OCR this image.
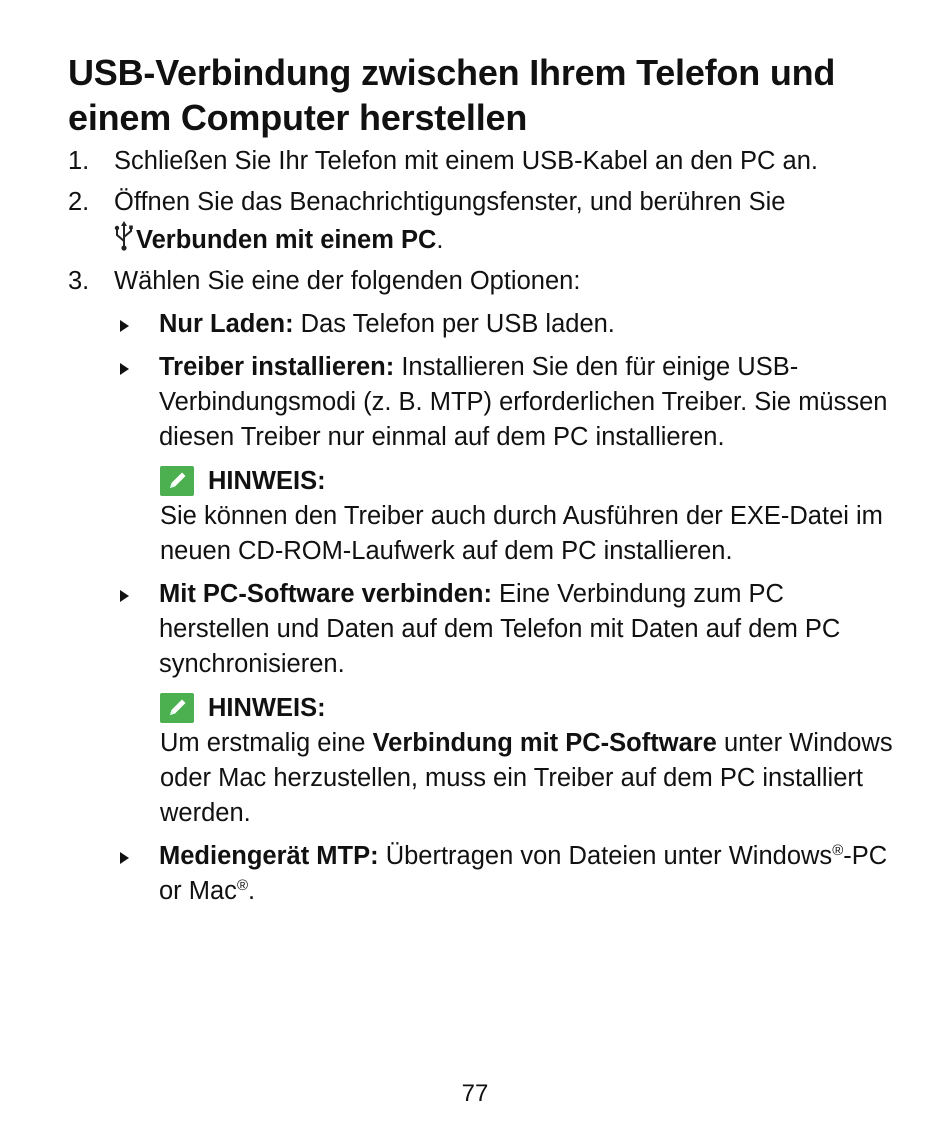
USB-Verbindung zwischen Ihrem Telefon und einem Computer herstellen
1. Schließen Sie Ihr Telefon mit einem USB-Kabel an den PC an.
2. Öffnen Sie das Benachrichtigungsfenster, und berühren Sie
Verbunden mit einem PC.
3. Wählen Sie eine der folgenden Optionen:
Nur Laden: Das Telefon per USB laden.
Treiber installieren: Installieren Sie den für einige USB-Verbindungsmodi (z. B. MTP) erforderlichen Treiber. Sie müssen diesen Treiber nur einmal auf dem PC installieren.
HINWEIS:
Sie können den Treiber auch durch Ausführen der EXE-Datei im neuen CD-ROM-Laufwerk auf dem PC installieren.
Mit PC-Software verbinden: Eine Verbindung zum PC herstellen und Daten auf dem Telefon mit Daten auf dem PC synchronisieren.
HINWEIS:
Um erstmalig eine Verbindung mit PC-Software unter Windows oder Mac herzustellen, muss ein Treiber auf dem PC installiert werden.
Mediengerät MTP: Übertragen von Dateien unter Windows®-PC or Mac®.
77
